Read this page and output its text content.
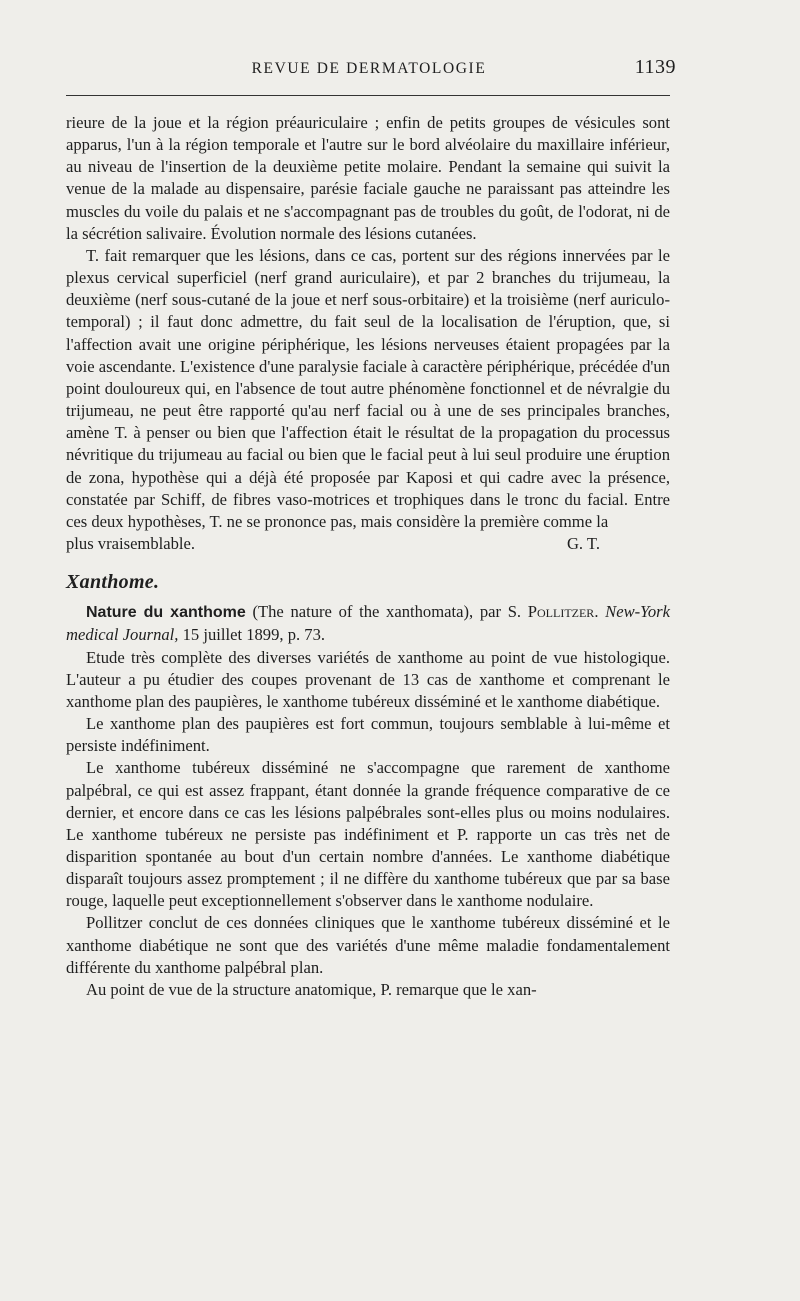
REVUE DE DERMATOLOGIE	1139

rieure de la joue et la région préauriculaire ; enfin de petits groupes de vésicules sont apparus, l'un à la région temporale et l'autre sur le bord alvéolaire du maxillaire inférieur, au niveau de l'insertion de la deuxième petite molaire. Pendant la semaine qui suivit la venue de la malade au dispensaire, parésie faciale gauche ne paraissant pas atteindre les muscles du voile du palais et ne s'accompagnant pas de troubles du goût, de l'odorat, ni de la sécrétion salivaire. Évolution normale des lésions cutanées.

T. fait remarquer que les lésions, dans ce cas, portent sur des régions innervées par le plexus cervical superficiel (nerf grand auriculaire), et par 2 branches du trijumeau, la deuxième (nerf sous-cutané de la joue et nerf sous-orbitaire) et la troisième (nerf auriculo-temporal) ; il faut donc admettre, du fait seul de la localisation de l'éruption, que, si l'affection avait une origine périphérique, les lésions nerveuses étaient propagées par la voie ascendante. L'existence d'une paralysie faciale à caractère périphérique, précédée d'un point douloureux qui, en l'absence de tout autre phénomène fonctionnel et de névralgie du trijumeau, ne peut être rapporté qu'au nerf facial ou à une de ses principales branches, amène T. à penser ou bien que l'affection était le résultat de la propagation du processus névritique du trijumeau au facial ou bien que le facial peut à lui seul produire une éruption de zona, hypothèse qui a déjà été proposée par Kaposi et qui cadre avec la présence, constatée par Schiff, de fibres vaso-motrices et trophiques dans le tronc du facial. Entre ces deux hypothèses, T. ne se prononce pas, mais considère la première comme la

plus vraisemblable.	G. T.

Xanthome.

Nature du xanthome (The nature of the xanthomata), par S. Pollitzer. New-York medical Journal, 15 juillet 1899, p. 73.

Etude très complète des diverses variétés de xanthome au point de vue histologique. L'auteur a pu étudier des coupes provenant de 13 cas de xanthome et comprenant le xanthome plan des paupières, le xanthome tubéreux disséminé et le xanthome diabétique.

Le xanthome plan des paupières est fort commun, toujours semblable à lui-même et persiste indéfiniment.

Le xanthome tubéreux disséminé ne s'accompagne que rarement de xanthome palpébral, ce qui est assez frappant, étant donnée la grande fréquence comparative de ce dernier, et encore dans ce cas les lésions palpébrales sont-elles plus ou moins nodulaires. Le xanthome tubéreux ne persiste pas indéfiniment et P. rapporte un cas très net de disparition spontanée au bout d'un certain nombre d'années. Le xanthome diabétique disparaît toujours assez promptement ; il ne diffère du xanthome tubéreux que par sa base rouge, laquelle peut exceptionnellement s'observer dans le xanthome nodulaire.

Pollitzer conclut de ces données cliniques que le xanthome tubéreux disséminé et le xanthome diabétique ne sont que des variétés d'une même maladie fondamentalement différente du xanthome palpébral plan.

Au point de vue de la structure anatomique, P. remarque que le xan-
